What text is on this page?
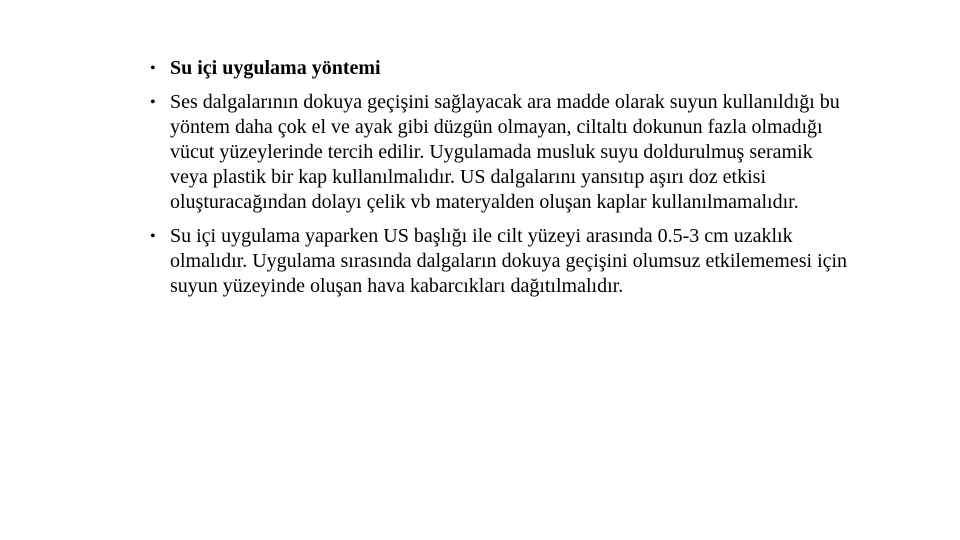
• Su içi uygulama yöntemi
• Ses dalgalarının dokuya geçişini sağlayacak ara madde olarak suyun kullanıldığı bu yöntem daha çok el ve ayak gibi düzgün olmayan, ciltaltı dokunun fazla olmadığı vücut yüzeylerinde tercih edilir. Uygulamada musluk suyu doldurulmuş seramik veya plastik bir kap kullanılmalıdır. US dalgalarını yansıtıp aşırı doz etkisi oluşturacağından dolayı çelik vb materyalden oluşan kaplar kullanılmamalıdır.
• Su içi uygulama yaparken US başlığı ile cilt yüzeyi arasında 0.5-3 cm uzaklık olmalıdır. Uygulama sırasında dalgaların dokuya geçişini olumsuz etkilememesi için suyun yüzeyinde oluşan hava kabarcıkları dağıtılmalıdır.
